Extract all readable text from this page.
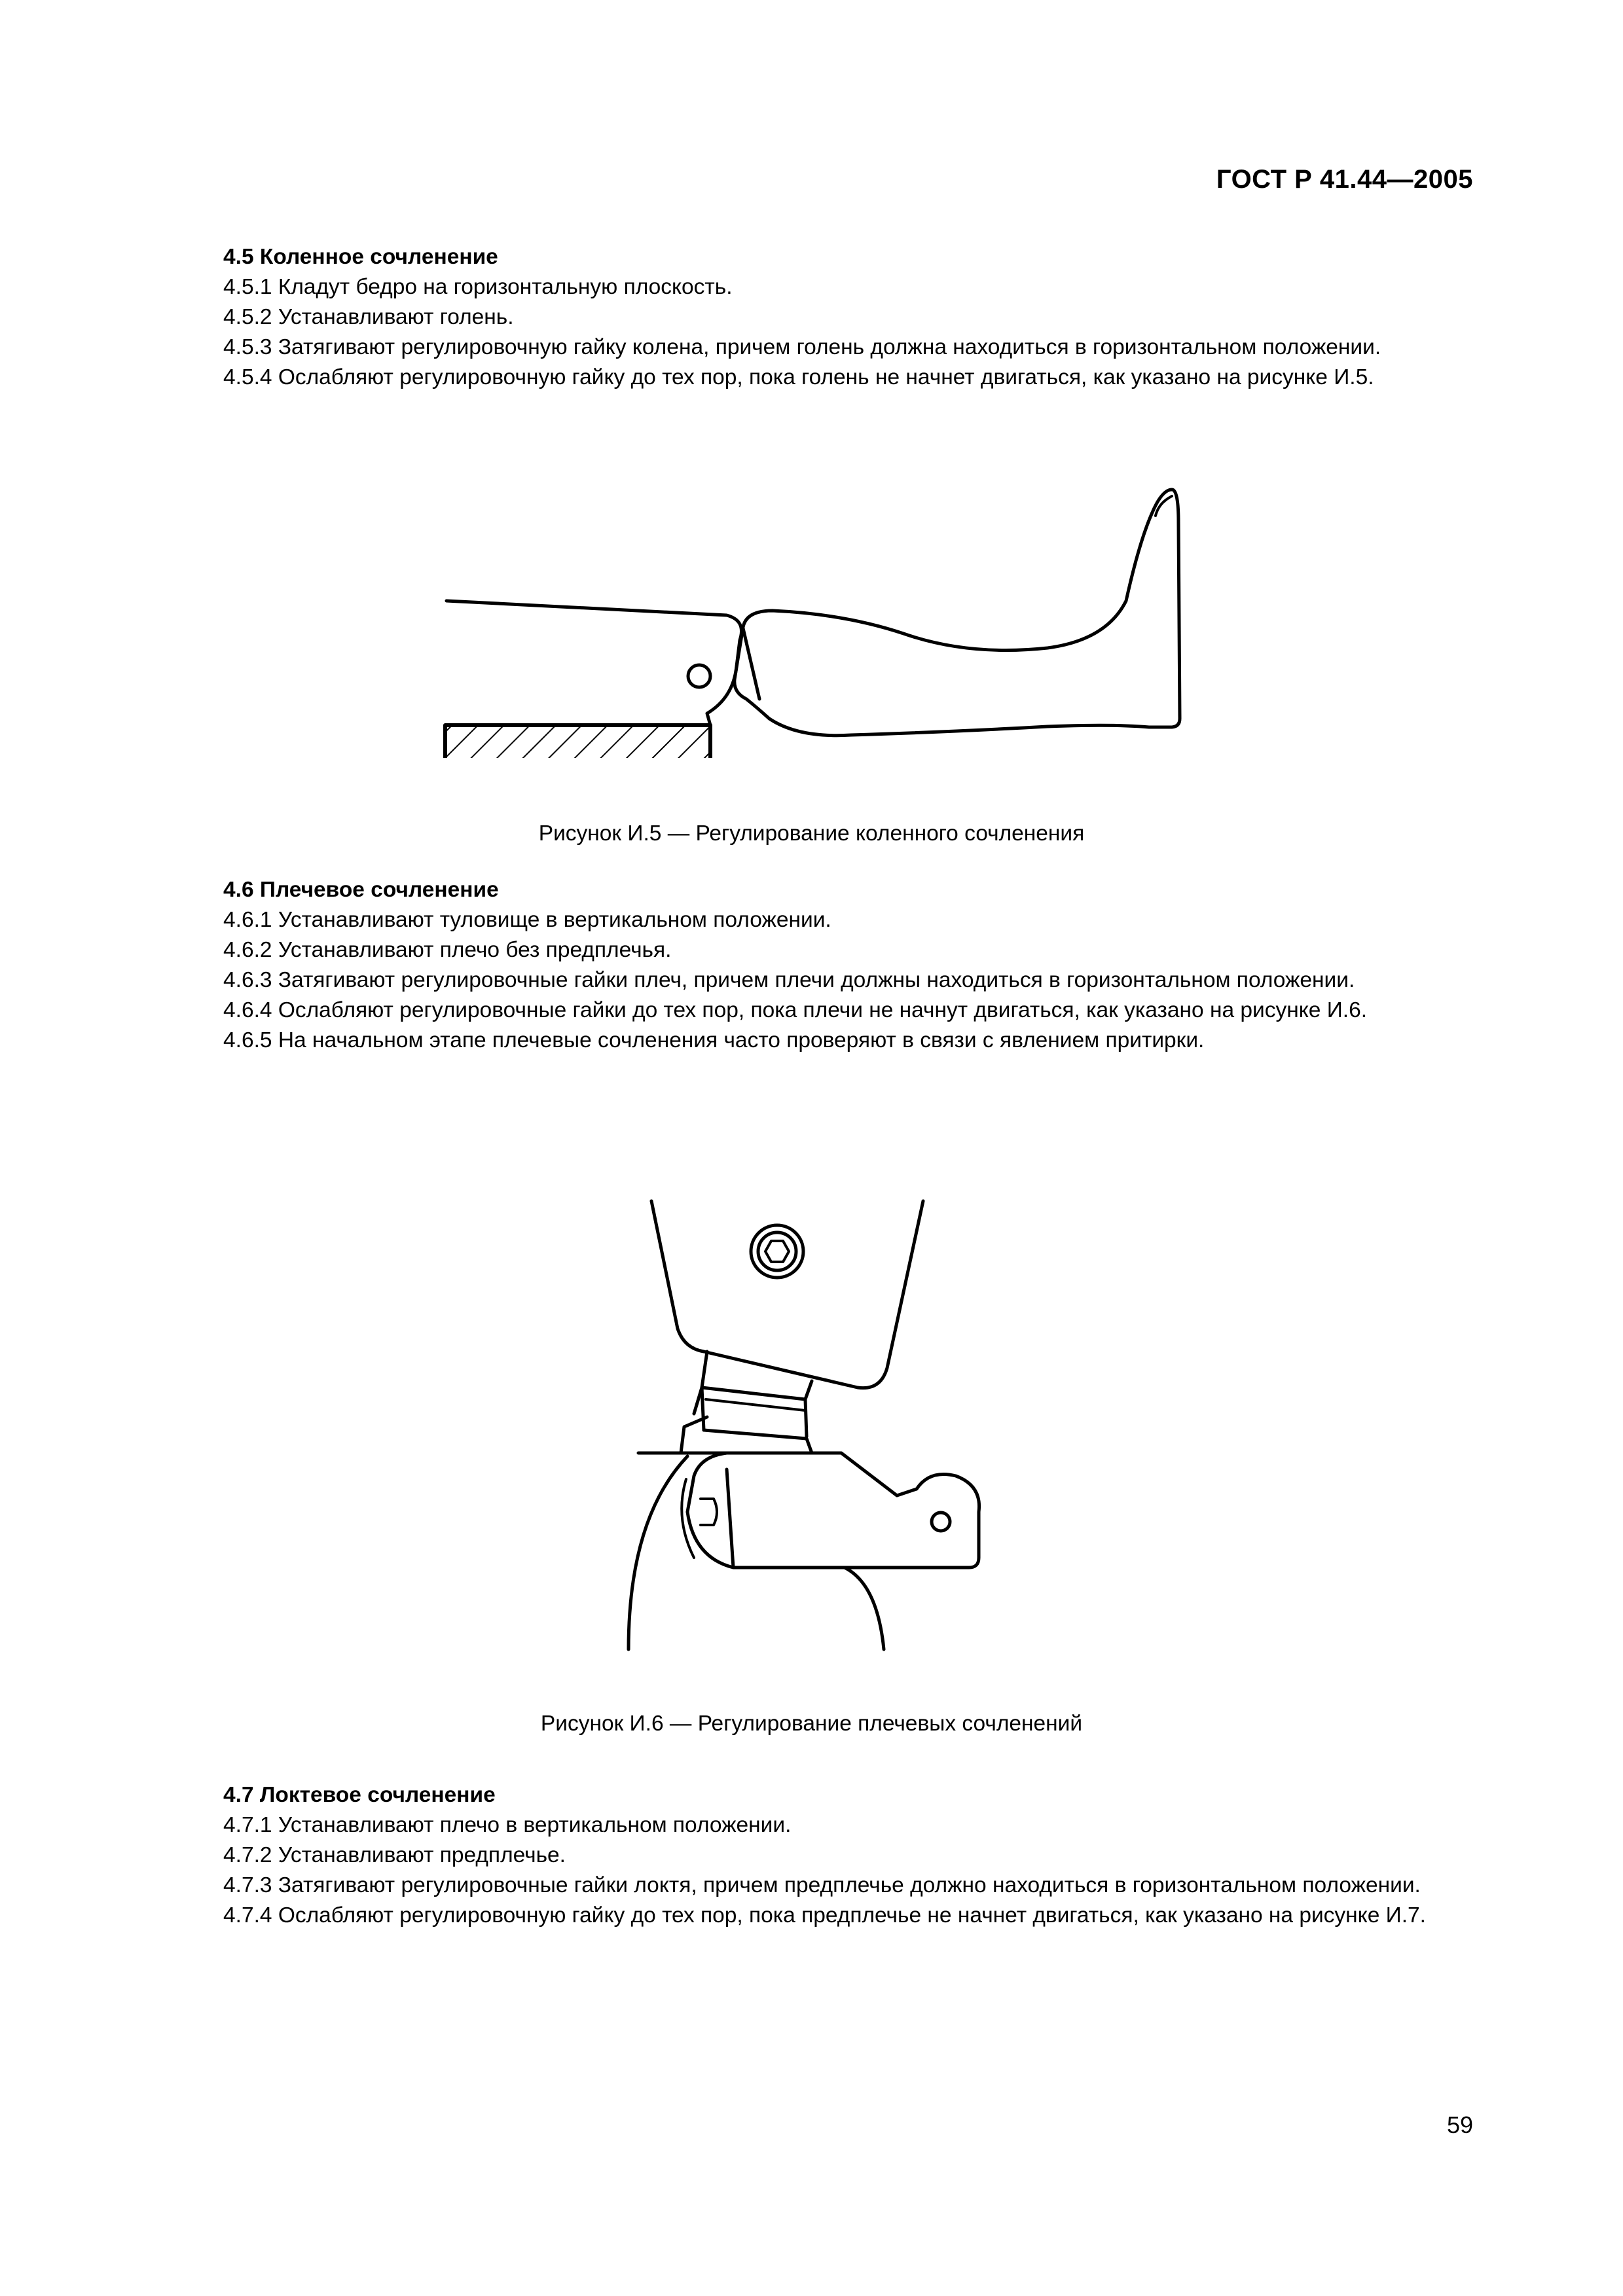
ГОСТ Р 41.44—2005
4.5 Коленное сочленение
4.5.1 Кладут бедро на горизонтальную плоскость.
4.5.2 Устанавливают голень.
4.5.3 Затягивают регулировочную гайку колена, причем голень должна находиться в горизонтальном положении.
4.5.4 Ослабляют регулировочную гайку до тех пор, пока голень не начнет двигаться, как указано на рисунке И.5.
Рисунок И.5 — Регулирование коленного сочленения
4.6 Плечевое сочленение
4.6.1 Устанавливают туловище в вертикальном положении.
4.6.2 Устанавливают плечо без предплечья.
4.6.3 Затягивают регулировочные гайки плеч, причем плечи должны находиться в горизонтальном положении.
4.6.4 Ослабляют регулировочные гайки до тех пор, пока плечи не начнут двигаться, как указано на рисунке И.6.
4.6.5 На начальном этапе плечевые сочленения часто проверяют в связи с явлением притирки.
Рисунок И.6 — Регулирование плечевых сочленений
4.7 Локтевое сочленение
4.7.1 Устанавливают плечо в вертикальном положении.
4.7.2 Устанавливают предплечье.
4.7.3 Затягивают регулировочные гайки локтя, причем предплечье должно находиться в горизонтальном положении.
4.7.4 Ослабляют регулировочную гайку до тех пор, пока предплечье не начнет двигаться, как указано на рисунке И.7.
59
